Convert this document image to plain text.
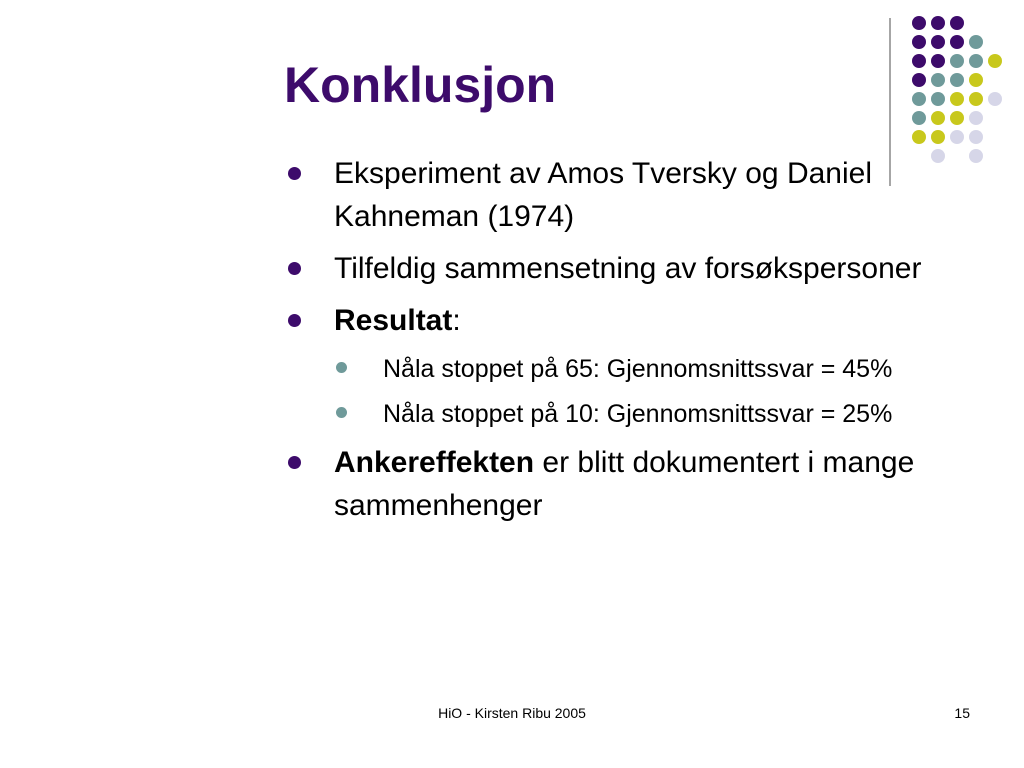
Konklusjon
Eksperiment av Amos Tversky og Daniel Kahneman (1974)
Tilfeldig sammensetning av forsøkspersoner
Resultat:
Nåla stoppet på 65: Gjennomsnittssvar = 45%
Nåla stoppet på 10: Gjennomsnittssvar = 25%
Ankereffekten er blitt dokumentert i mange sammenhenger
HiO - Kirsten Ribu 2005	15
